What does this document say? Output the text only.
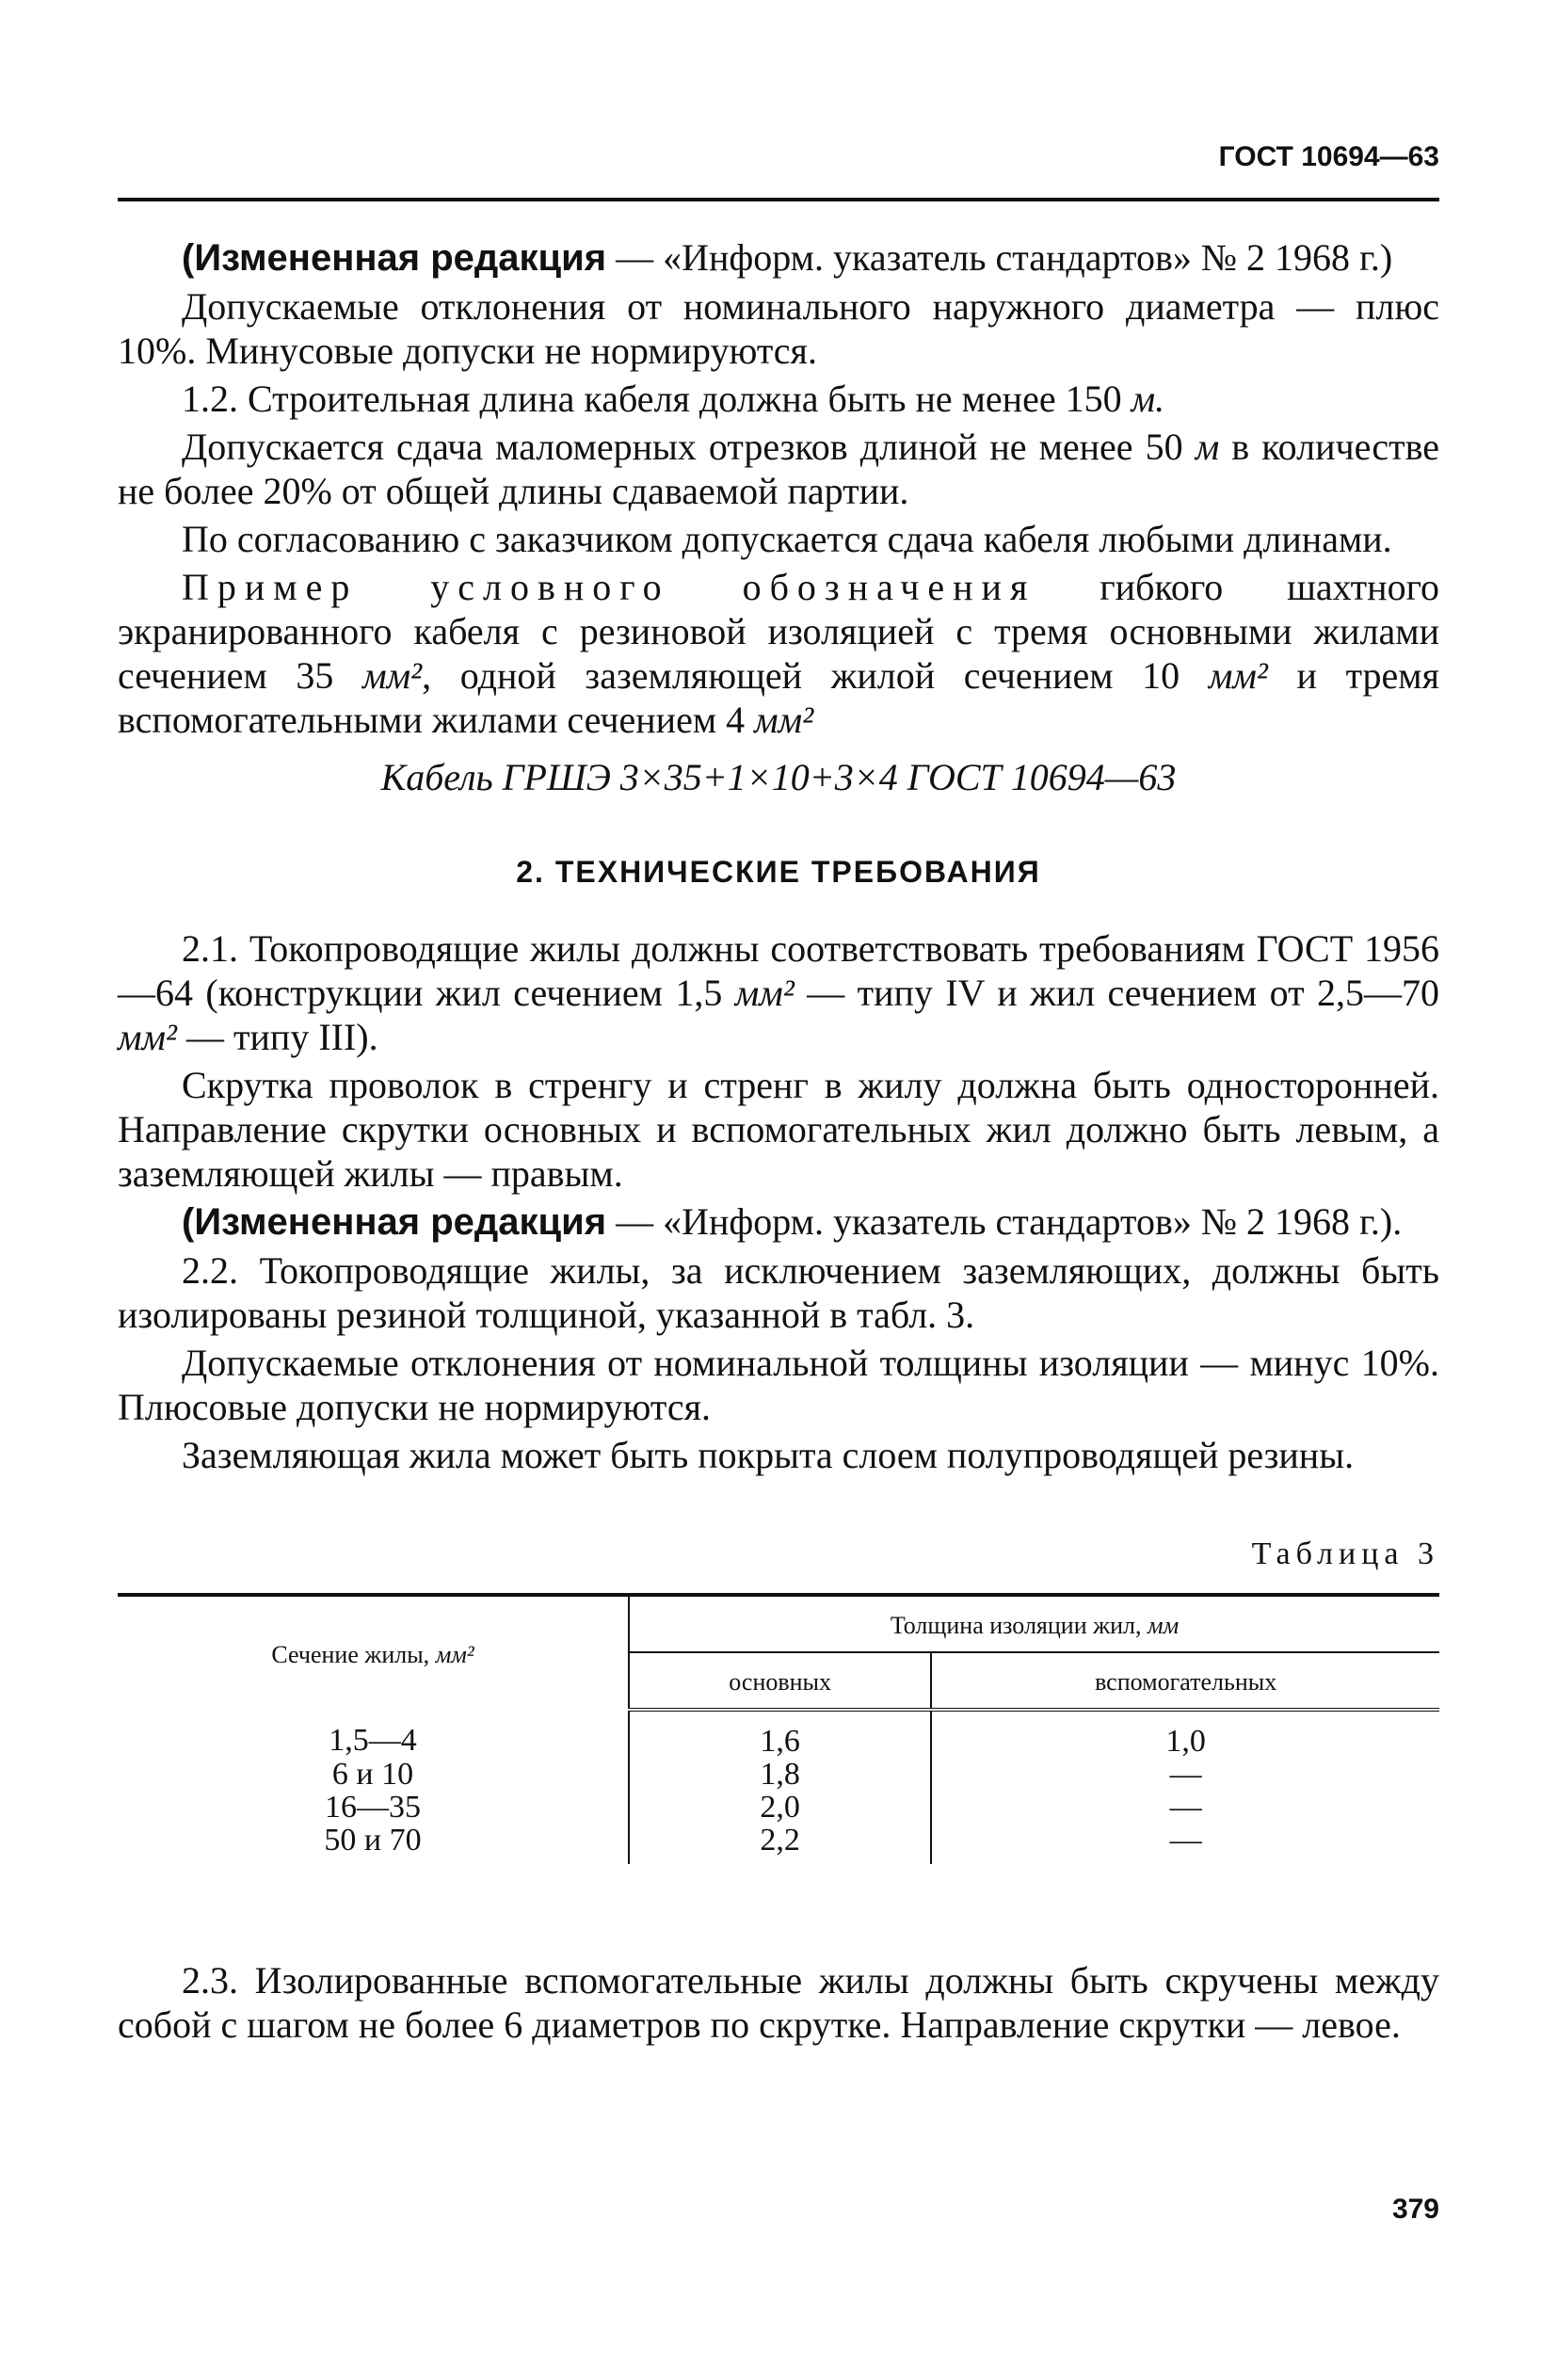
ГОСТ 10694—63

(Измененная редакция — «Информ. указатель стандартов» № 2 1968 г.)

Допускаемые отклонения от номинального наружного диаметра — плюс 10%. Минусовые допуски не нормируются.

1.2. Строительная длина кабеля должна быть не менее 150 м.

Допускается сдача маломерных отрезков длиной не менее 50 м в количестве не более 20% от общей длины сдаваемой партии.

По согласованию с заказчиком допускается сдача кабеля любыми длинами.

Пример условного обозначения гибкого шахтного экранированного кабеля с резиновой изоляцией с тремя основными жилами сечением 35 мм², одной заземляющей жилой сечением 10 мм² и тремя вспомогательными жилами сечением 4 мм²

Кабель ГРШЭ 3×35+1×10+3×4 ГОСТ 10694—63

2. ТЕХНИЧЕСКИЕ ТРЕБОВАНИЯ

2.1. Токопроводящие жилы должны соответствовать требованиям ГОСТ 1956—64 (конструкции жил сечением 1,5 мм² — типу IV и жил сечением от 2,5—70 мм² — типу III).

Скрутка проволок в стренгу и стренг в жилу должна быть односторонней. Направление скрутки основных и вспомогательных жил должно быть левым, а заземляющей жилы — правым.

(Измененная редакция — «Информ. указатель стандартов» № 2 1968 г.).

2.2. Токопроводящие жилы, за исключением заземляющих, должны быть изолированы резиной толщиной, указанной в табл. 3.

Допускаемые отклонения от номинальной толщины изоляции — минус 10%. Плюсовые допуски не нормируются.

Заземляющая жила может быть покрыта слоем полупроводящей резины.

Таблица 3
Сечение жилы, мм²	Толщина изоляции жил, мм	
	основных	вспомогательных
1,5—4	1,6	1,0
6 и 10	1,8	—
16—35	2,0	—
50 и 70	2,2	—

2.3. Изолированные вспомогательные жилы должны быть скручены между собой с шагом не более 6 диаметров по скрутке. Направление скрутки — левое.

379
